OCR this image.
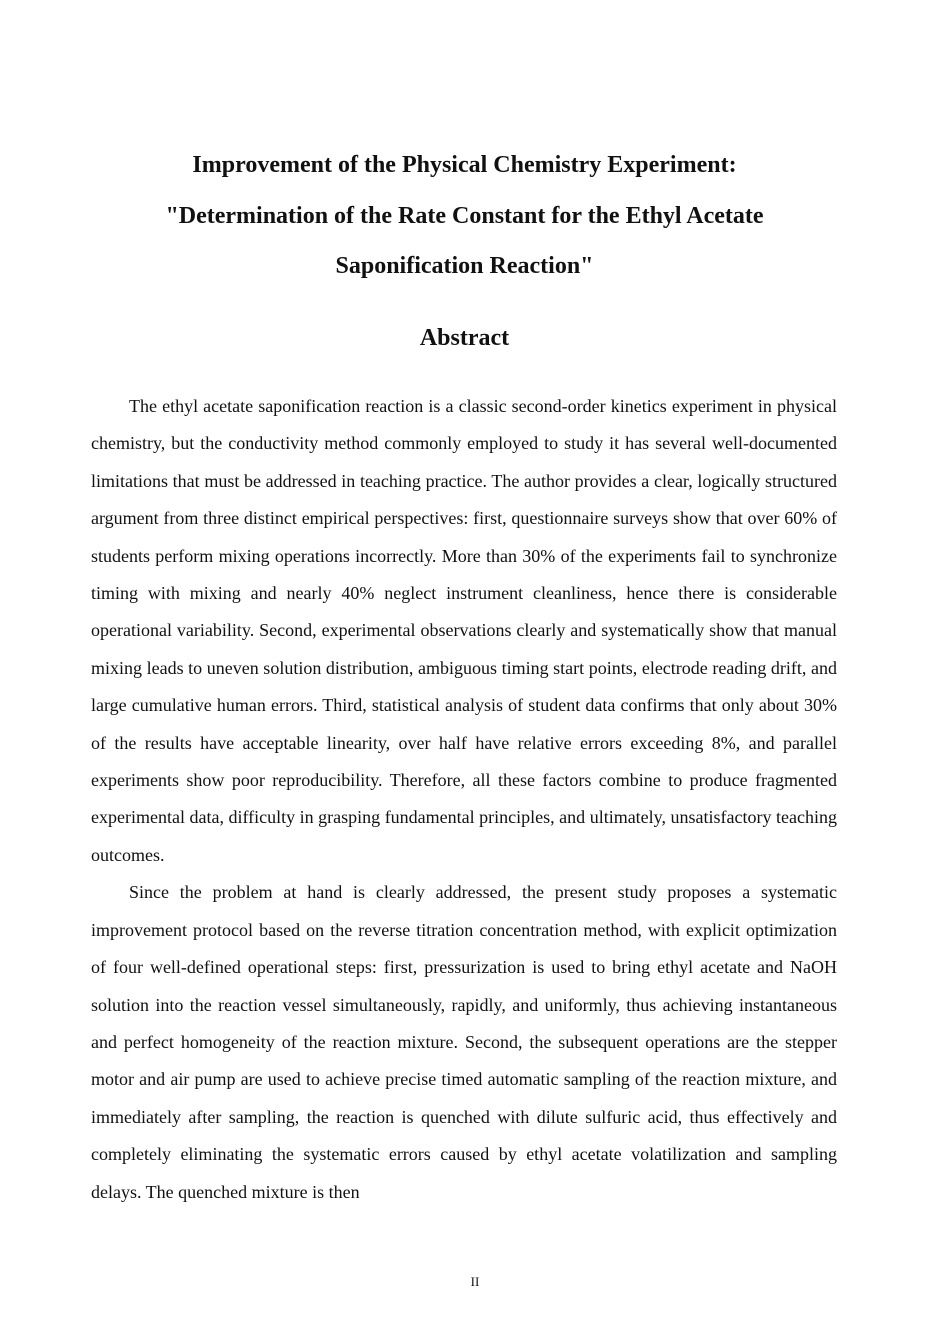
Improvement of the Physical Chemistry Experiment:
"Determination of the Rate Constant for the Ethyl Acetate
Saponification Reaction"
Abstract

The ethyl acetate saponification reaction is a classic second-order kinetics experiment in physical chemistry, but the conductivity method commonly employed to study it has several well-documented limitations that must be addressed in teaching practice. The author provides a clear, logically structured argument from three distinct empirical perspectives: first, questionnaire surveys show that over 60% of students perform mixing operations incorrectly. More than 30% of the experiments fail to synchronize timing with mixing and nearly 40% neglect instrument cleanliness, hence there is considerable operational variability. Second, experimental observations clearly and systematically show that manual mixing leads to uneven solution distribution, ambiguous timing start points, electrode reading drift, and large cumulative human errors. Third, statistical analysis of student data confirms that only about 30% of the results have acceptable linearity, over half have relative errors exceeding 8%, and parallel experiments show poor reproducibility. Therefore, all these factors combine to produce fragmented experimental data, difficulty in grasping fundamental principles, and ultimately, unsatisfactory teaching outcomes.

Since the problem at hand is clearly addressed, the present study proposes a systematic improvement protocol based on the reverse titration concentration method, with explicit optimization of four well-defined operational steps: first, pressurization is used to bring ethyl acetate and NaOH solution into the reaction vessel simultaneously, rapidly, and uniformly, thus achieving instantaneous and perfect homogeneity of the reaction mixture. Second, the subsequent operations are the stepper motor and air pump are used to achieve precise timed automatic sampling of the reaction mixture, and immediately after sampling, the reaction is quenched with dilute sulfuric acid, thus effectively and completely eliminating the systematic errors caused by ethyl acetate volatilization and sampling delays. The quenched mixture is then

II
